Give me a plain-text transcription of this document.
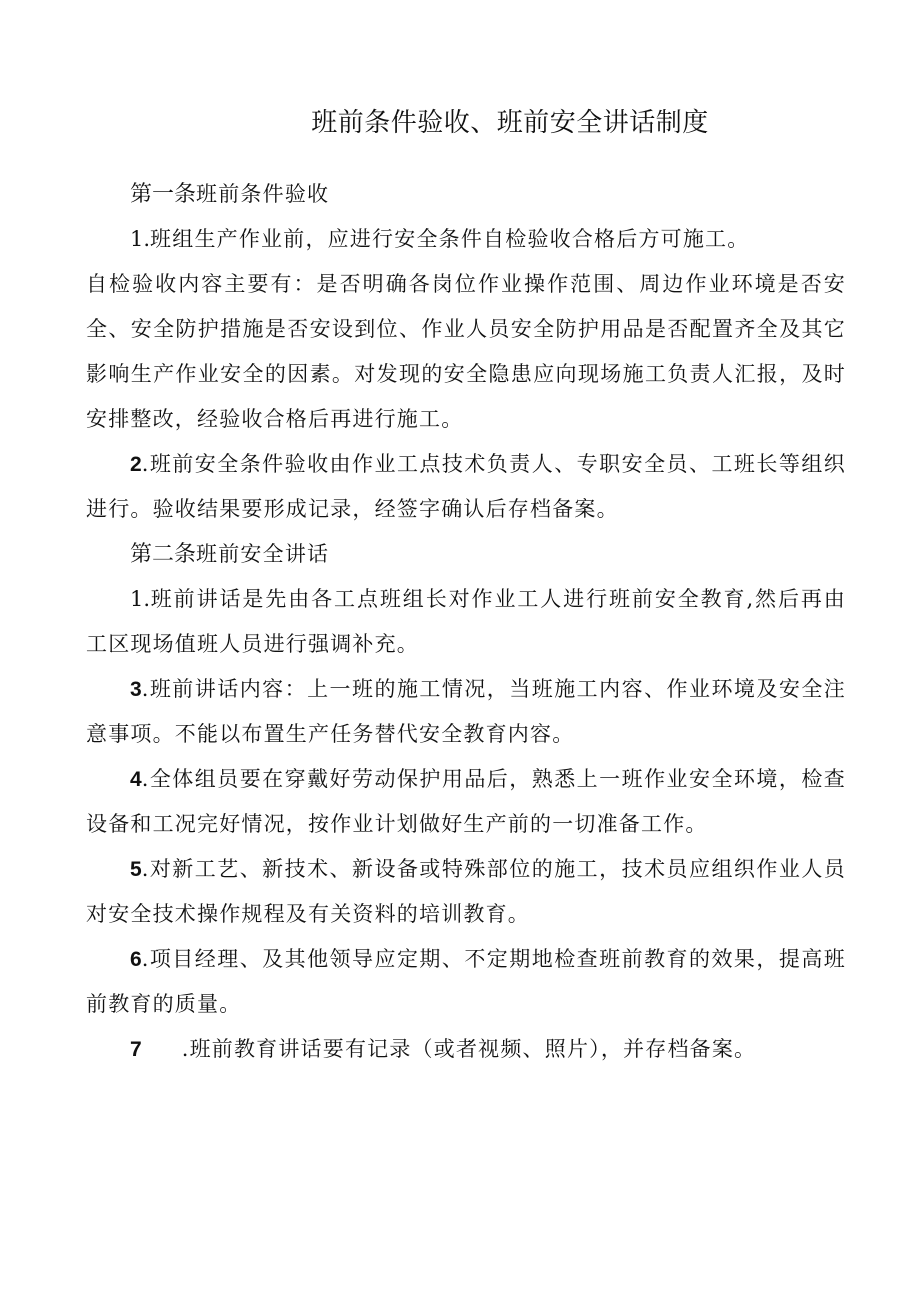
班前条件验收、班前安全讲话制度

第一条班前条件验收

1.班组生产作业前，应进行安全条件自检验收合格后方可施工。

自检验收内容主要有：是否明确各岗位作业操作范围、周边作业环境是否安全、安全防护措施是否安设到位、作业人员安全防护用品是否配置齐全及其它影响生产作业安全的因素。对发现的安全隐患应向现场施工负责人汇报，及时安排整改，经验收合格后再进行施工。

2.班前安全条件验收由作业工点技术负责人、专职安全员、工班长等组织进行。验收结果要形成记录，经签字确认后存档备案。

第二条班前安全讲话

1.班前讲话是先由各工点班组长对作业工人进行班前安全教育,然后再由工区现场值班人员进行强调补充。

3.班前讲话内容：上一班的施工情况，当班施工内容、作业环境及安全注意事项。不能以布置生产任务替代安全教育内容。

4.全体组员要在穿戴好劳动保护用品后，熟悉上一班作业安全环境，检查设备和工况完好情况，按作业计划做好生产前的一切准备工作。

5.对新工艺、新技术、新设备或特殊部位的施工，技术员应组织作业人员对安全技术操作规程及有关资料的培训教育。

6.项目经理、及其他领导应定期、不定期地检查班前教育的效果，提高班前教育的质量。

7 .班前教育讲话要有记录（或者视频、照片），并存档备案。
